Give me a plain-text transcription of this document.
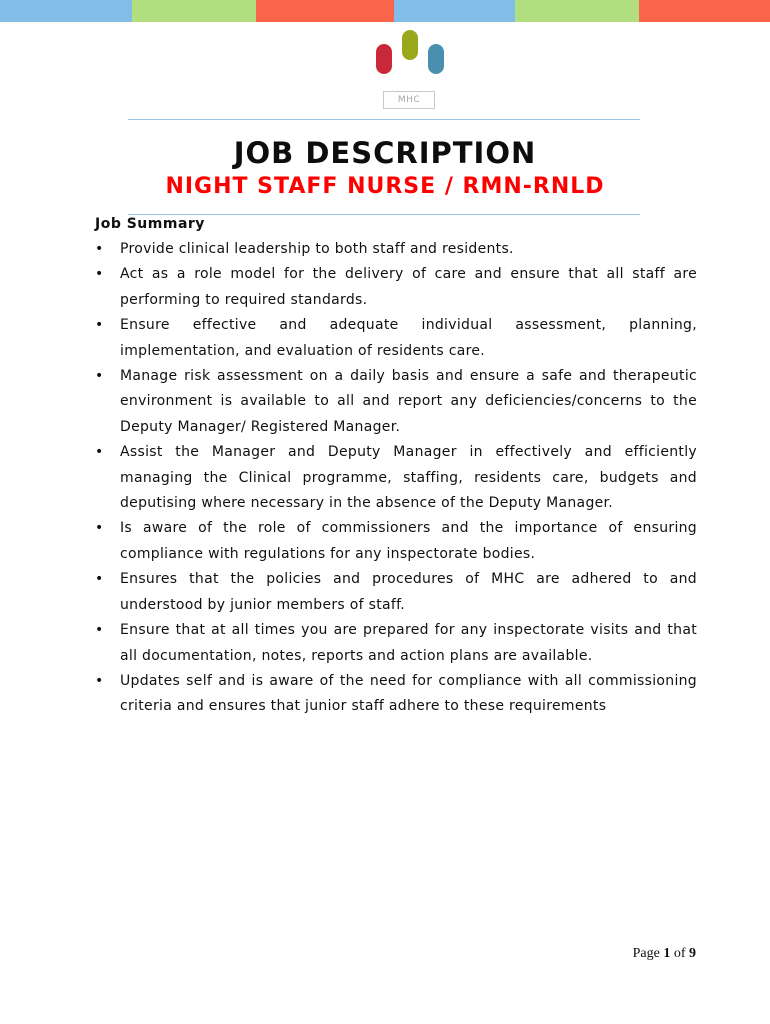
MHC
JOB DESCRIPTION
NIGHT STAFF NURSE / RMN-RNLD
Job Summary
• Provide clinical leadership to both staff and residents.
• Act as a role model for the delivery of care and ensure that all staff are performing to required standards.
• Ensure effective and adequate individual assessment, planning, implementation, and evaluation of residents care.
• Manage risk assessment on a daily basis and ensure a safe and therapeutic environment is available to all and report any deficiencies/concerns to the Deputy Manager/ Registered Manager.
• Assist the Manager and Deputy Manager in effectively and efficiently managing the Clinical programme, staffing, residents care, budgets and deputising where necessary in the absence of the Deputy Manager.
• Is aware of the role of commissioners and the importance of ensuring compliance with regulations for any inspectorate bodies.
• Ensures that the policies and procedures of MHC are adhered to and understood by junior members of staff.
• Ensure that at all times you are prepared for any inspectorate visits and that all documentation, notes, reports and action plans are available.
• Updates self and is aware of the need for compliance with all commissioning criteria and ensures that junior staff adhere to these requirements
Page 1 of 9
